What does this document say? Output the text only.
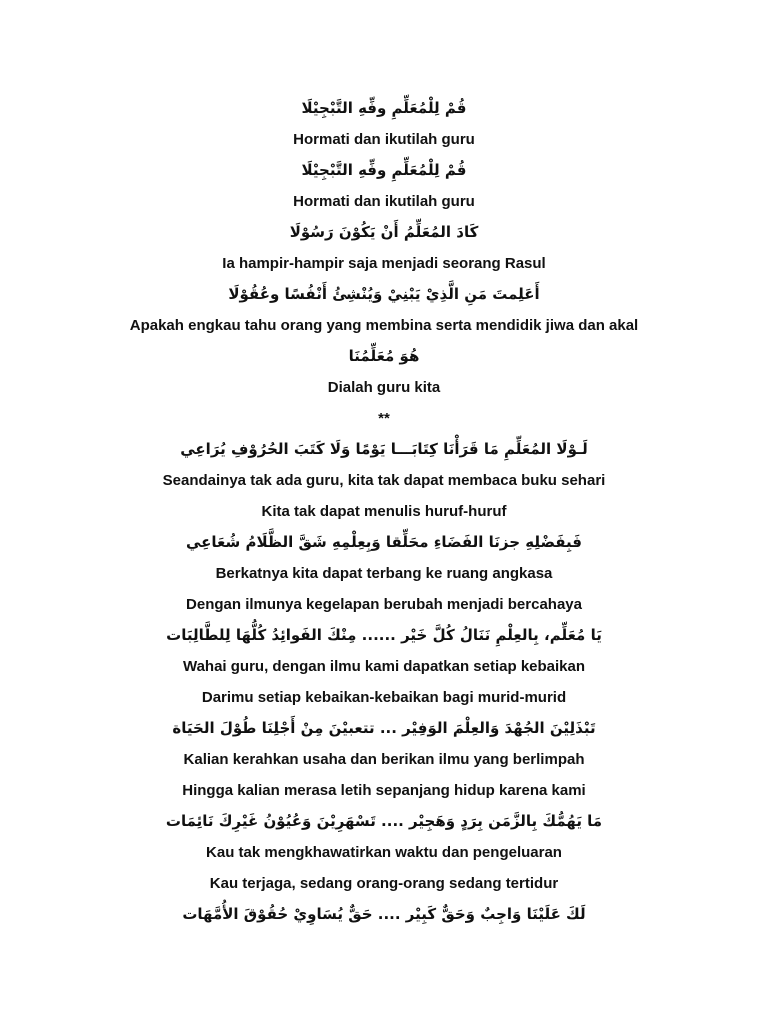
قُمْ لِلْمُعَلِّمِ وفِّهِ التَّبْجِيْلَا
Hormati dan ikutilah guru
قُمْ لِلْمُعَلِّمِ وفِّهِ التَّبْجِيْلَا
Hormati dan ikutilah guru
كَادَ المُعَلِّمُ أَنْ يَكُوْنَ رَسُوْلَا
Ia hampir-hampir saja menjadi seorang Rasul
أَعَلِمتَ مَنِ الَّذِيْ يَبْنِيْ وَيُنْشِئُ أَنْفُسًا وعُقُوْلَا
Apakah engkau tahu orang yang membina serta mendidik jiwa dan akal
هُوَ مُعَلِّمُنَا
Dialah guru kita
**
لَـوْلَا المُعَلِّمِ مَا قَرَأْنَا كِتَابَـــا يَوْمًا وَلَا كَتَبَ الحُرُوْفِ يُرَاعِي
Seandainya tak ada guru, kita tak dapat membaca buku sehari
Kita tak dapat menulis huruf-huruf
فَبِفَضْلِهِ جزنَا الفَضَاءِ محَلِّقا وَبِعِلْمِهِ شَقَّ الظَّلَامُ شُعَاعِي
Berkatnya kita dapat terbang ke ruang angkasa
Dengan ilmunya kegelapan berubah menjadi bercahaya
يَا مُعَلِّم، بِالعِلْمِ نَنَالُ كُلَّ خَيْر ...... مِنْكَ الفَوائِدُ كُلُّهَا لِلطَّالِبَات
Wahai guru, dengan ilmu kami dapatkan setiap kebaikan
Darimu setiap kebaikan-kebaikan bagi murid-murid
تَبْذَلِيْنَ الجُهْدَ وَالعِلْمَ الوَفِيْر ... تتعبيْنَ مِنْ أَجْلِنَا طُوْلَ الحَيَاة
Kalian kerahkan usaha dan berikan ilmu yang berlimpah
Hingga kalian merasa letih sepanjang hidup karena kami
مَا يَهُمُّكَ بِالزَّمَن بِرَدٍ وَهَجِيْر .... تَسْهَرِيْنَ وَعُيُوْنُ غَيْرِكَ نَائِمَات
Kau tak mengkhawatirkan waktu dan pengeluaran
Kau terjaga, sedang orang-orang sedang tertidur
لَكَ عَلَيْنَا وَاجِبٌ وَحَقٌّ كَبِيْر .... حَقٌّ يُسَاوِيْ حُقُوْقَ الأُمَّهَات
